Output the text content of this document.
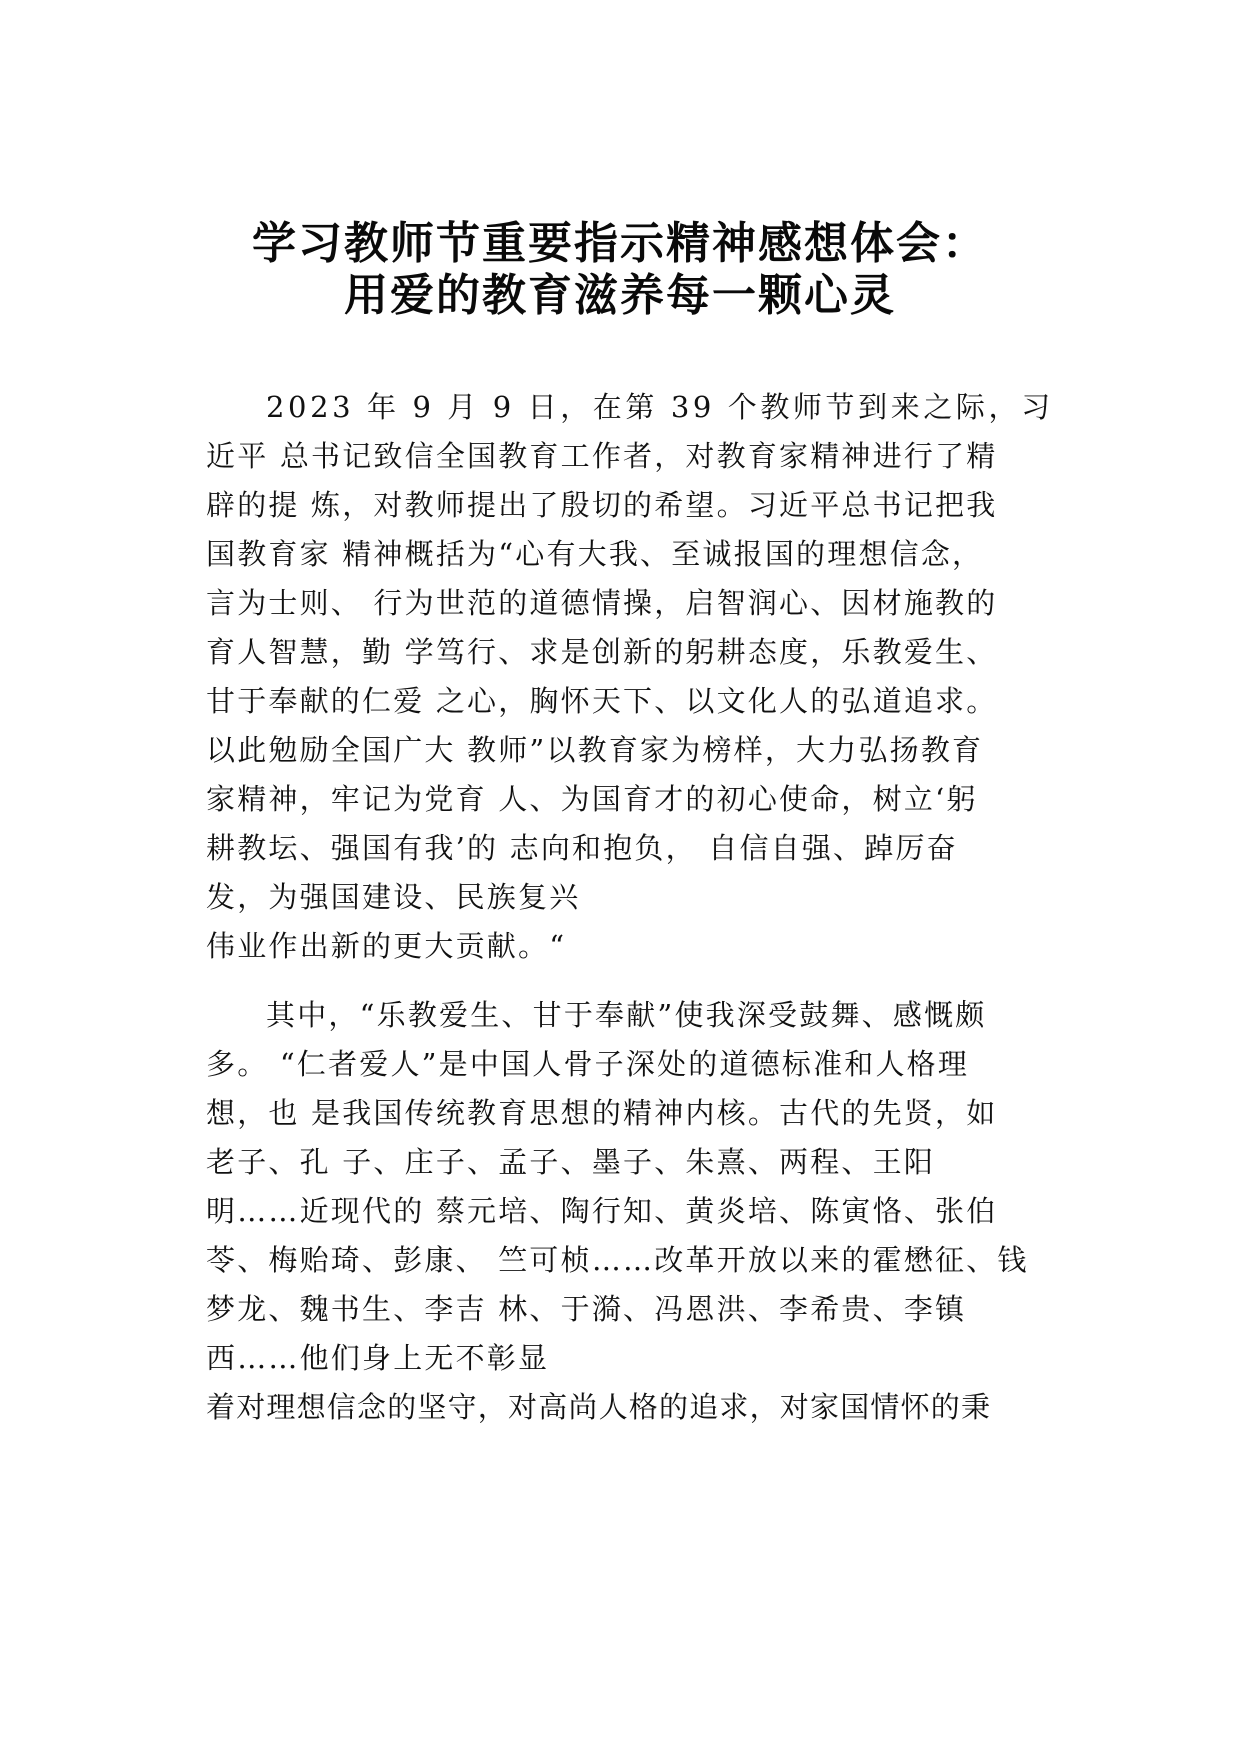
学习教师节重要指示精神感想体会：
用爱的教育滋养每一颗心灵
2023 年 9 月 9 日，在第 39 个教师节到来之际，习
近平 总书记致信全国教育工作者，对教育家精神进行了精
辟的提 炼，对教师提出了殷切的希望。习近平总书记把我
国教育家 精神概括为“心有大我、至诚报国的理想信念，
言为士则、 行为世范的道德情操，启智润心、因材施教的
育人智慧，勤 学笃行、求是创新的躬耕态度，乐教爱生、
甘于奉献的仁爱 之心，胸怀天下、以文化人的弘道追求。
以此勉励全国广大 教师”以教育家为榜样，大力弘扬教育
家精神，牢记为党育 人、为国育才的初心使命，树立‘躬
耕教坛、强国有我’的 志向和抱负， 自信自强、踔厉奋
发，为强国建设、民族复兴
伟业作出新的更大贡献。“
其中，“乐教爱生、甘于奉献”使我深受鼓舞、感慨颇
多。 “仁者爱人”是中国人骨子深处的道德标准和人格理
想，也 是我国传统教育思想的精神内核。古代的先贤，如
老子、孔 子、庄子、孟子、墨子、朱熹、两程、王阳
明……近现代的 蔡元培、陶行知、黄炎培、陈寅恪、张伯
苓、梅贻琦、彭康、 竺可桢……改革开放以来的霍懋征、钱
梦龙、魏书生、李吉 林、于漪、冯恩洪、李希贵、李镇
西……他们身上无不彰显
着对理想信念的坚守，对高尚人格的追求，对家国情怀的秉
